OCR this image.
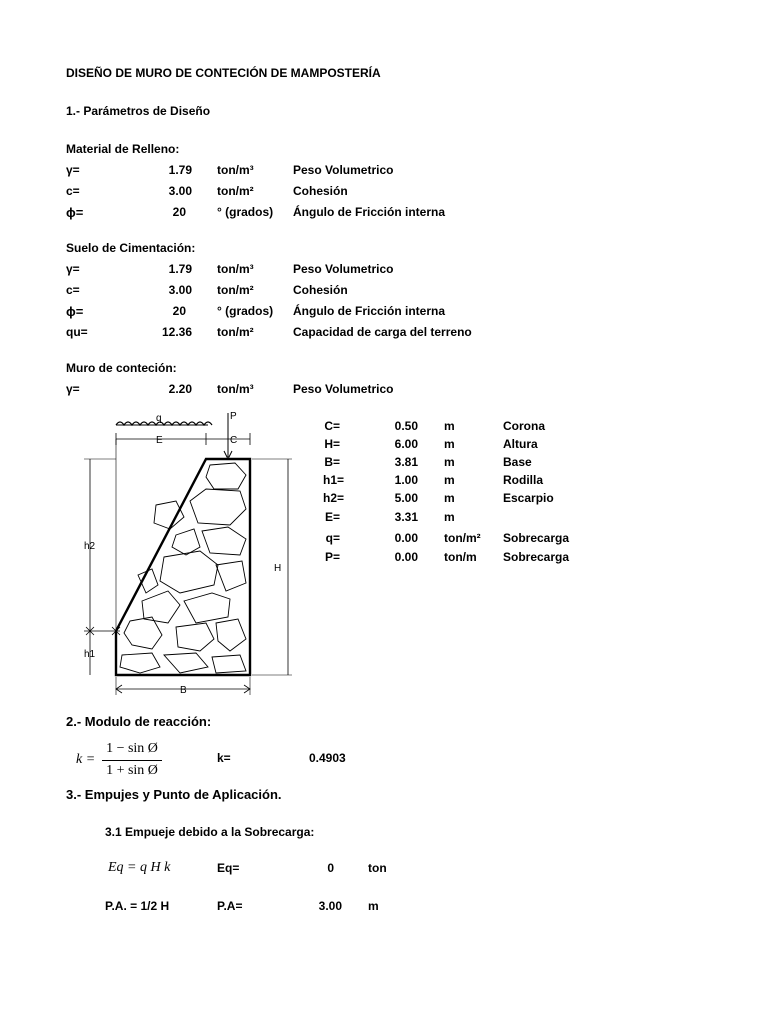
DISEÑO DE MURO DE CONTECIÓN DE MAMPOSTERÍA
1.- Parámetros de Diseño
Material de Relleno:
γ=	1.79 ton/m³	Peso Volumetrico
c=	3.00 ton/m²	Cohesión
ϕ=	20	° (grados) Ángulo de Fricción interna
Suelo de Cimentación:
γ=	1.79 ton/m³	Peso Volumetrico
c=	3.00 ton/m²	Cohesión
ϕ=	20	° (grados) Ángulo de Fricción interna
qu=	12.36 ton/m²	Capacidad de carga del terreno
Muro de conteción:
γ=	2.20 ton/m³	Peso Volumetrico
q
E	C
P
h2
h1
H
B
C=	0.50 m	Corona
H=	6.00 m	Altura
B=	3.81 m	Base
h1=	1.00 m	Rodilla
h2=	5.00 m	Escarpio
E=	3.31 m
q=	0.00 ton/m² Sobrecarga
P=	0.00 ton/m Sobrecarga
2.- Modulo de reacción:
k =
1 − sin Ø
1 + sin Ø
k=	0.4903
3.- Empujes y Punto de Aplicación.
3.1 Empueje debido a la Sobrecarga:
Eq = q H k	Eq=	0	ton
P.A. = 1/2 H	P.A=	3.00 m
